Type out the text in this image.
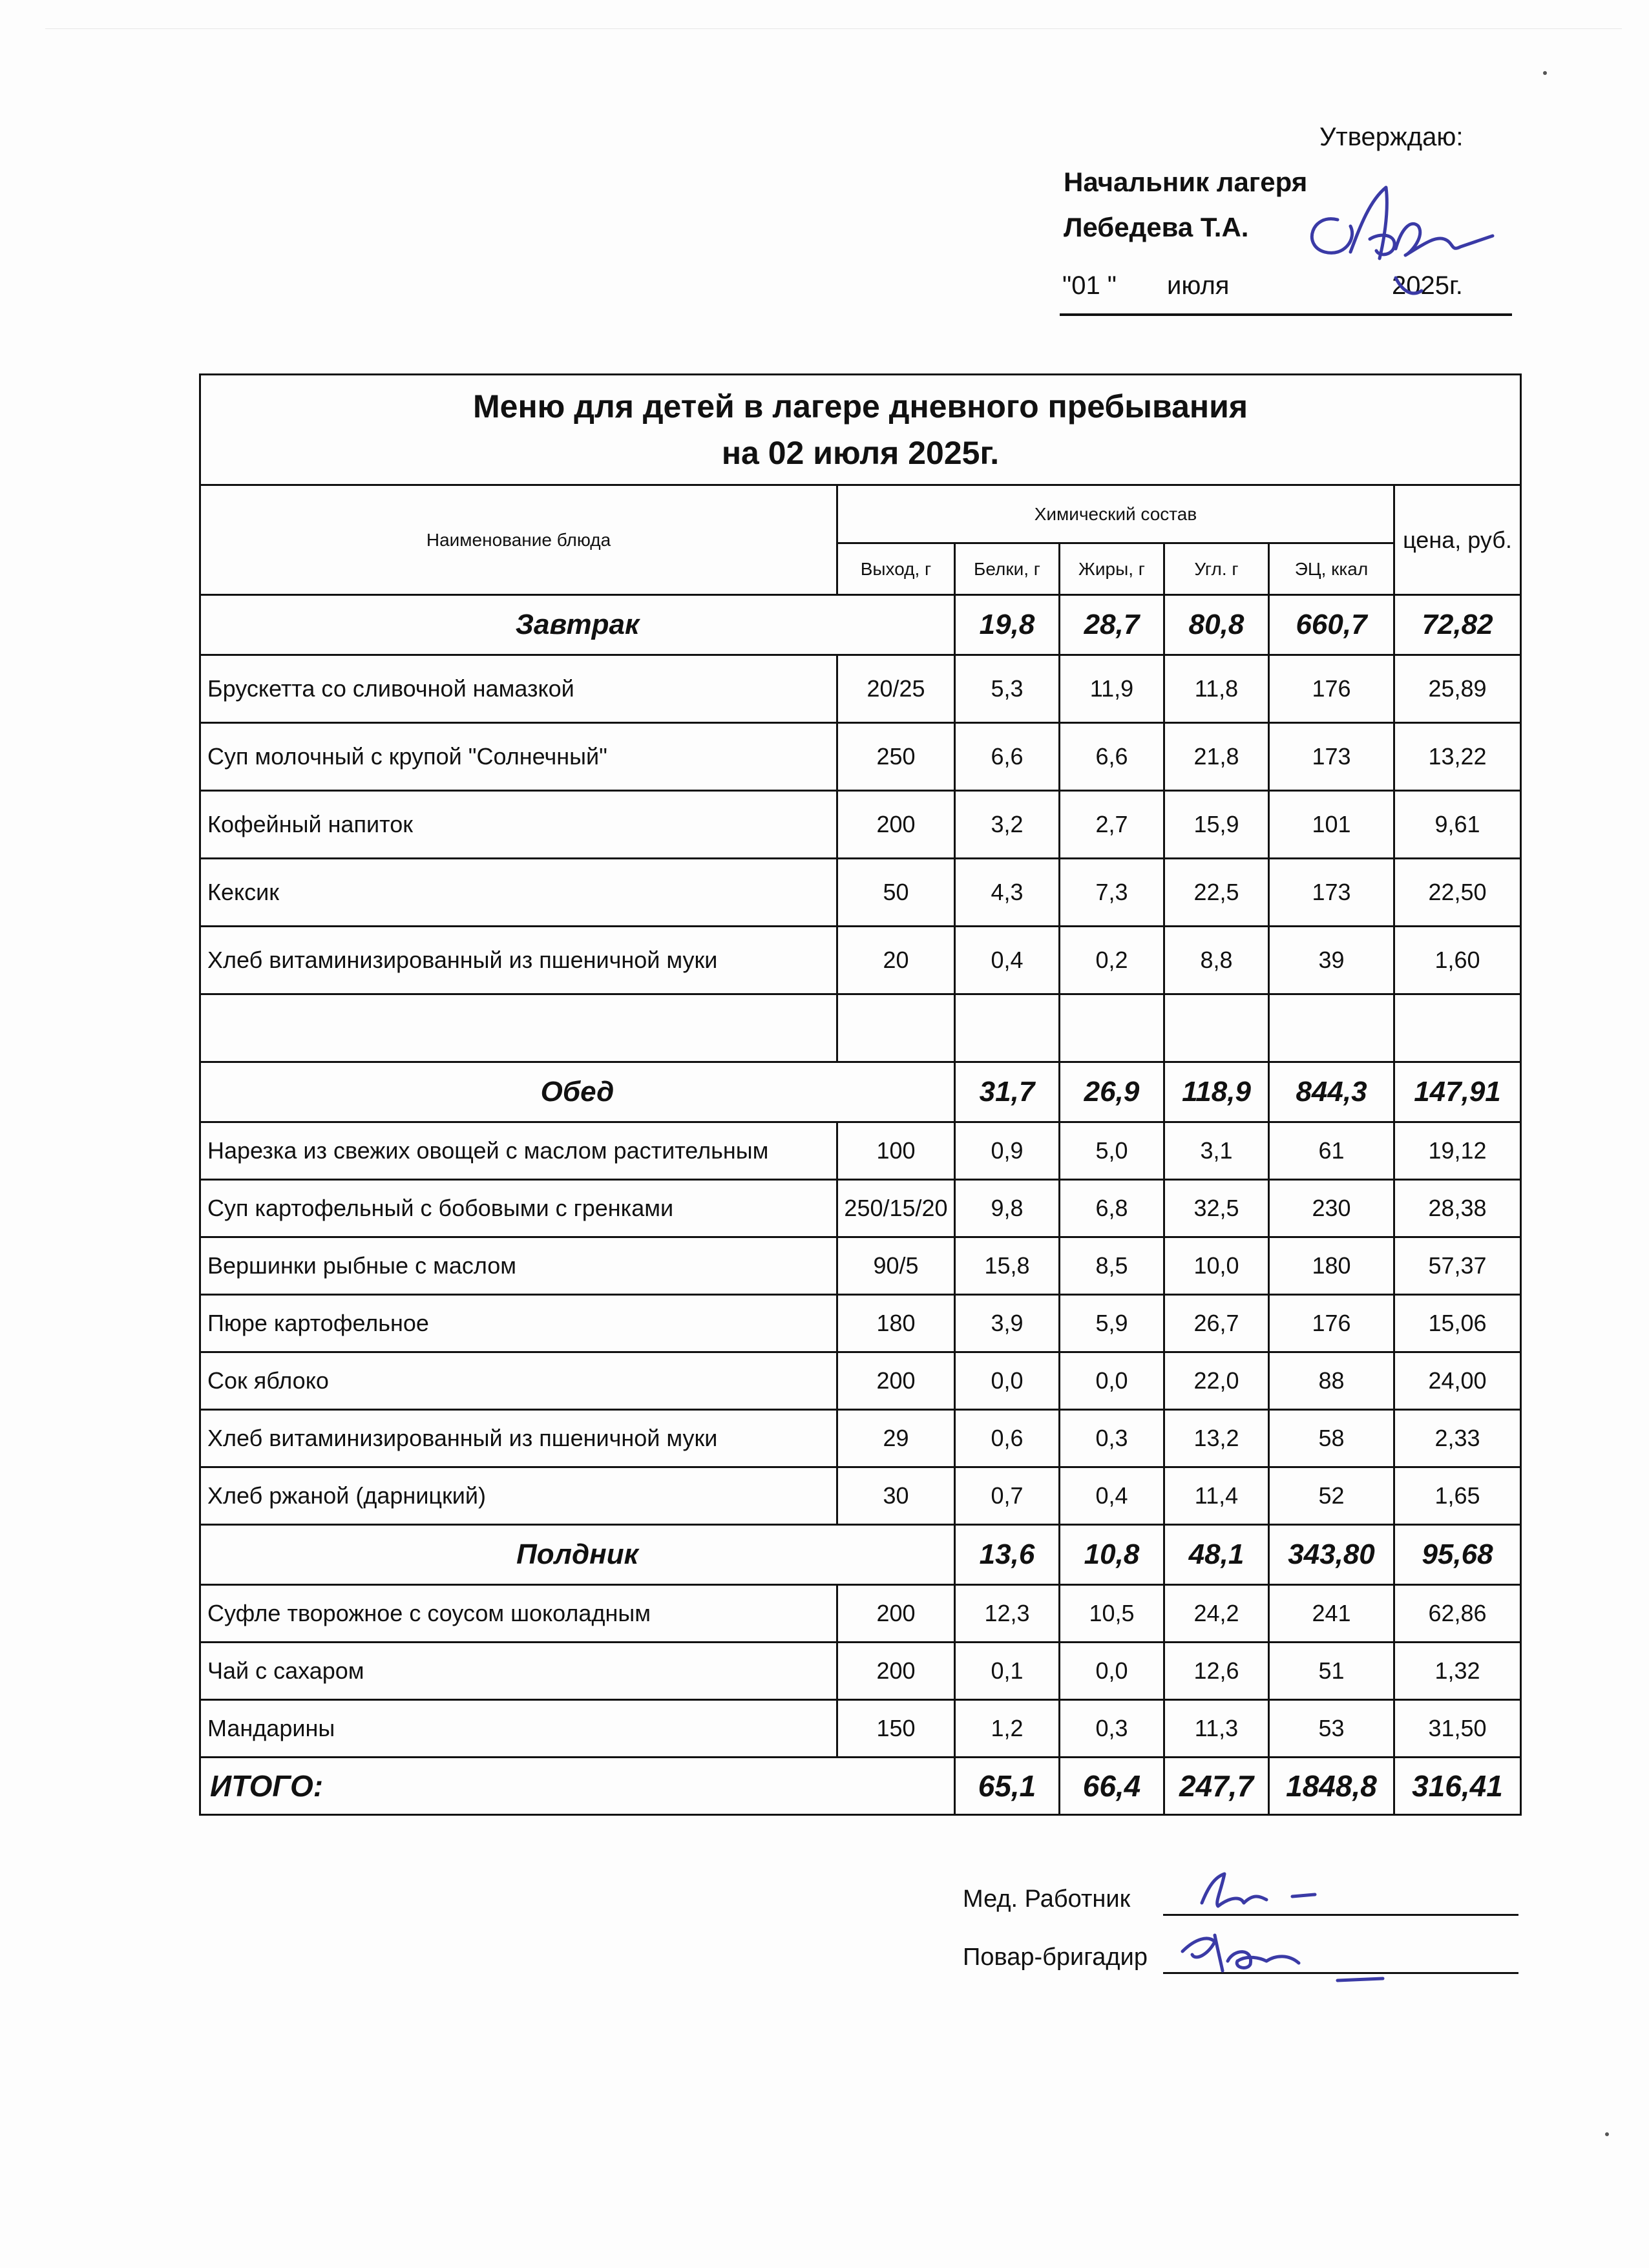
Утверждаю:
Начальник лагеря
Лебедева Т.А.
"01 " июля	2025г.
Меню для детей в лагере дневного пребывания
на 02 июля 2025г.						

Наименование блюда	Химический состав					цена, руб.
	Выход, г	Белки, г	Жиры, г	Угл. г	ЭЦ, ккал	
Завтрак		19,8	28,7	80,8	660,7	72,82
Брускетта со сливочной намазкой	20/25	5,3	11,9	11,8	176	25,89
Суп молочный с крупой "Солнечный"	250	6,6	6,6	21,8	173	13,22
Кофейный напиток	200	3,2	2,7	15,9	101	9,61
Кексик	50	4,3	7,3	22,5	173	22,50
Хлеб витаминизированный из пшеничной муки	20	0,4	0,2	8,8	39	1,60

Обед		31,7	26,9	118,9	844,3	147,91
Нарезка из свежих овощей с маслом растительным	100	0,9	5,0	3,1	61	19,12
Суп картофельный с бобовыми с гренками	250/15/20	9,8	6,8	32,5	230	28,38
Вершинки рыбные с маслом	90/5	15,8	8,5	10,0	180	57,37
Пюре картофельное	180	3,9	5,9	26,7	176	15,06
Сок яблоко	200	0,0	0,0	22,0	88	24,00
Хлеб витаминизированный из пшеничной муки	29	0,6	0,3	13,2	58	2,33
Хлеб ржаной (дарницкий)	30	0,7	0,4	11,4	52	1,65
Полдник		13,6	10,8	48,1	343,80	95,68
Суфле творожное с соусом шоколадным	200	12,3	10,5	24,2	241	62,86
Чай с сахаром	200	0,1	0,0	12,6	51	1,32
Мандарины	150	1,2	0,3	11,3	53	31,50
ИТОГО:		65,1	66,4	247,7	1848,8	316,41
Мед. Работник
Повар-бригадир
